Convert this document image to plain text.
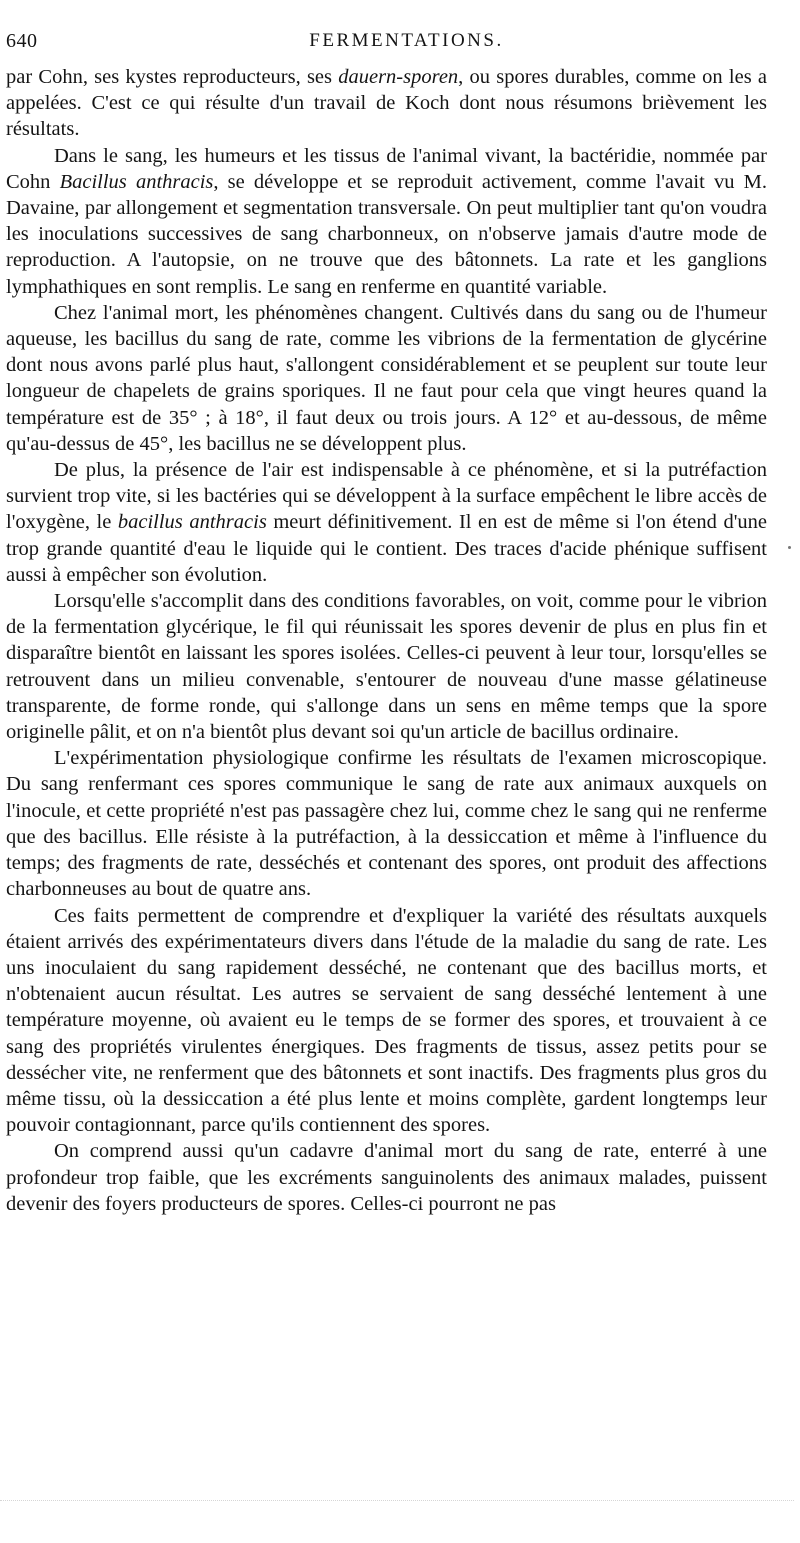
640	FERMENTATIONS.

par Cohn, ses kystes reproducteurs, ses dauern-sporen, ou spores durables, comme on les a appelées. C'est ce qui résulte d'un travail de Koch dont nous résumons brièvement les résultats.

Dans le sang, les humeurs et les tissus de l'animal vivant, la bactéridie, nommée par Cohn Bacillus anthracis, se développe et se reproduit activement, comme l'avait vu M. Davaine, par allongement et segmentation transversale. On peut multiplier tant qu'on voudra les inoculations successives de sang charbonneux, on n'observe jamais d'autre mode de reproduction. A l'autopsie, on ne trouve que des bâtonnets. La rate et les ganglions lymphathiques en sont remplis. Le sang en renferme en quantité variable.

Chez l'animal mort, les phénomènes changent. Cultivés dans du sang ou de l'humeur aqueuse, les bacillus du sang de rate, comme les vibrions de la fermentation de glycérine dont nous avons parlé plus haut, s'allongent considérablement et se peuplent sur toute leur longueur de chapelets de grains sporiques. Il ne faut pour cela que vingt heures quand la température est de 35° ; à 18°, il faut deux ou trois jours. A 12° et au-dessous, de même qu'au-dessus de 45°, les bacillus ne se développent plus.

De plus, la présence de l'air est indispensable à ce phénomène, et si la putréfaction survient trop vite, si les bactéries qui se développent à la surface empêchent le libre accès de l'oxygène, le bacillus anthracis meurt définitivement. Il en est de même si l'on étend d'une trop grande quantité d'eau le liquide qui le contient. Des traces d'acide phénique suffisent aussi à empêcher son évolution.

Lorsqu'elle s'accomplit dans des conditions favorables, on voit, comme pour le vibrion de la fermentation glycérique, le fil qui réunissait les spores devenir de plus en plus fin et disparaître bientôt en laissant les spores isolées. Celles-ci peuvent à leur tour, lorsqu'elles se retrouvent dans un milieu convenable, s'entourer de nouveau d'une masse gélatineuse transparente, de forme ronde, qui s'allonge dans un sens en même temps que la spore originelle pâlit, et on n'a bientôt plus devant soi qu'un article de bacillus ordinaire.

L'expérimentation physiologique confirme les résultats de l'examen microscopique. Du sang renfermant ces spores communique le sang de rate aux animaux auxquels on l'inocule, et cette propriété n'est pas passagère chez lui, comme chez le sang qui ne renferme que des bacillus. Elle résiste à la putréfaction, à la dessiccation et même à l'influence du temps; des fragments de rate, desséchés et contenant des spores, ont produit des affections charbonneuses au bout de quatre ans.

Ces faits permettent de comprendre et d'expliquer la variété des résultats auxquels étaient arrivés des expérimentateurs divers dans l'étude de la maladie du sang de rate. Les uns inoculaient du sang rapidement desséché, ne contenant que des bacillus morts, et n'obtenaient aucun résultat. Les autres se servaient de sang desséché lentement à une température moyenne, où avaient eu le temps de se former des spores, et trouvaient à ce sang des propriétés virulentes énergiques. Des fragments de tissus, assez petits pour se dessécher vite, ne renferment que des bâtonnets et sont inactifs. Des fragments plus gros du même tissu, où la dessiccation a été plus lente et moins complète, gardent longtemps leur pouvoir contagionnant, parce qu'ils contiennent des spores.

On comprend aussi qu'un cadavre d'animal mort du sang de rate, enterré à une profondeur trop faible, que les excréments sanguinolents des animaux malades, puissent devenir des foyers producteurs de spores. Celles-ci pourront ne pas
